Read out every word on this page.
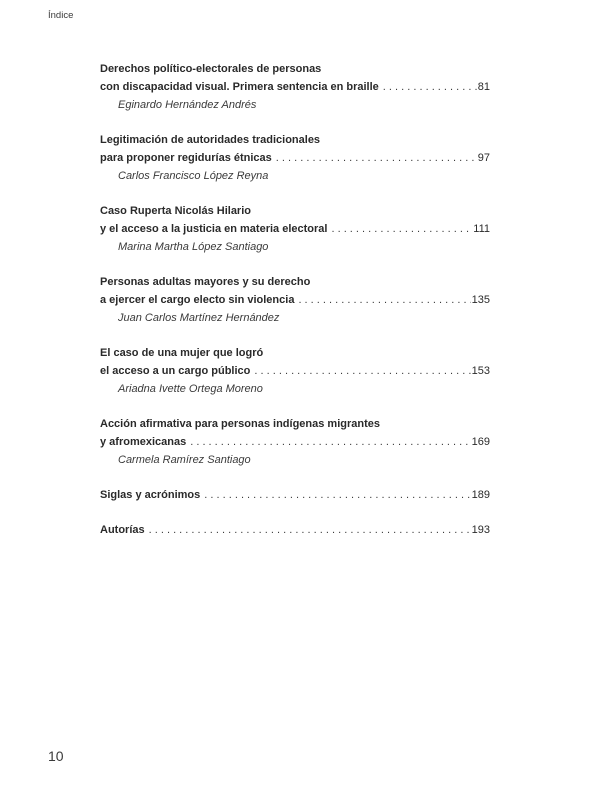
Índice
Derechos político-electorales de personas
con discapacidad visual. Primera sentencia en braille . . .	81
Eginardo Hernández Andrés
Legitimación de autoridades tradicionales
para proponer regidurías étnicas . . .	97
Carlos Francisco López Reyna
Caso Ruperta Nicolás Hilario
y el acceso a la justicia en materia electoral . . .	111
Marina Martha López Santiago
Personas adultas mayores y su derecho
a ejercer el cargo electo sin violencia . . .	135
Juan Carlos Martínez Hernández
El caso de una mujer que logró
el acceso a un cargo público . . .	153
Ariadna Ivette Ortega Moreno
Acción afirmativa para personas indígenas migrantes
y afromexicanas . . .	169
Carmela Ramírez Santiago
Siglas y acrónimos . . .	189
Autorías . . .	193
10
